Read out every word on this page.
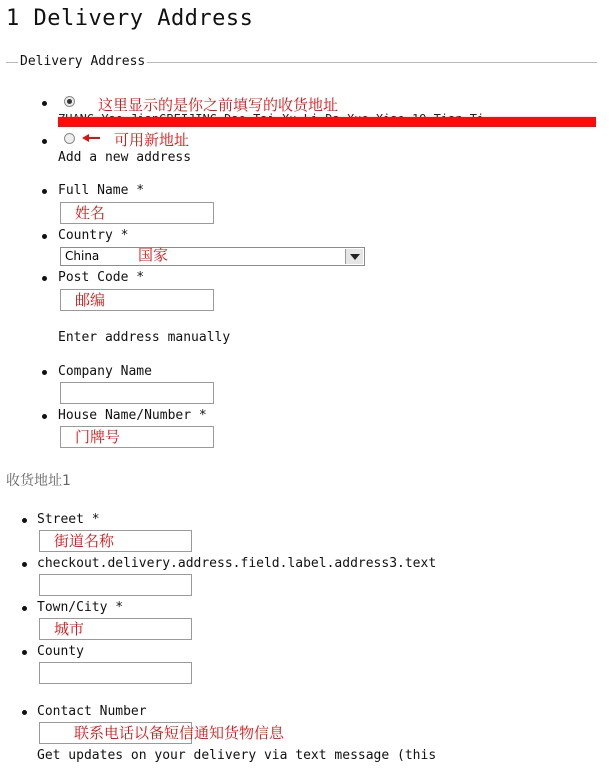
1 Delivery Address
Delivery Address
这里显示的是你之前填写的收货地址
可用新地址
Add a new address
Full Name *
姓名
Country *
China	国家
Post Code *
邮编
Enter address manually
Company Name
House Name/Number *
门牌号
收货地址1
Street *
街道名称
checkout.delivery.address.field.label.address3.text
Town/City *
城市
County
Contact Number
联系电话以备短信通知货物信息
Get updates on your delivery via text message (this
